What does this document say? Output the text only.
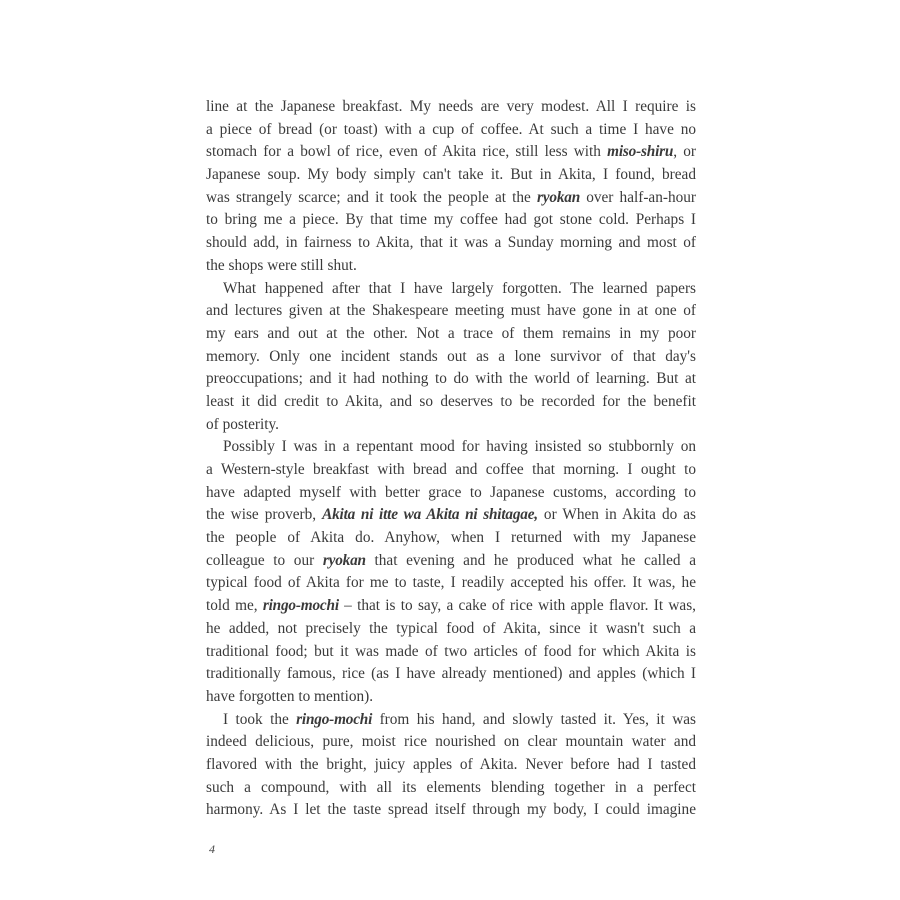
line at the Japanese breakfast. My needs are very modest. All I require is
a piece of bread (or toast) with a cup of coffee. At such a time I have no
stomach for a bowl of rice, even of Akita rice, still less with miso-shiru, or
Japanese soup. My body simply can't take it. But in Akita, I found, bread
was strangely scarce; and it took the people at the ryokan over half-an-hour
to bring me a piece. By that time my coffee had got stone cold. Perhaps I
should add, in fairness to Akita, that it was a Sunday morning and most of
the shops were still shut.
What happened after that I have largely forgotten. The learned papers
and lectures given at the Shakespeare meeting must have gone in at one of
my ears and out at the other. Not a trace of them remains in my poor
memory. Only one incident stands out as a lone survivor of that day's
preoccupations; and it had nothing to do with the world of learning. But at
least it did credit to Akita, and so deserves to be recorded for the benefit
of posterity.
Possibly I was in a repentant mood for having insisted so stubbornly on
a Western-style breakfast with bread and coffee that morning. I ought to
have adapted myself with better grace to Japanese customs, according to
the wise proverb, Akita ni itte wa Akita ni shitagae, or When in Akita do as
the people of Akita do. Anyhow, when I returned with my Japanese
colleague to our ryokan that evening and he produced what he called a
typical food of Akita for me to taste, I readily accepted his offer. It was, he
told me, ringo-mochi – that is to say, a cake of rice with apple flavor. It was,
he added, not precisely the typical food of Akita, since it wasn't such a
traditional food; but it was made of two articles of food for which Akita is
traditionally famous, rice (as I have already mentioned) and apples (which I
have forgotten to mention).
I took the ringo-mochi from his hand, and slowly tasted it. Yes, it was
indeed delicious, pure, moist rice nourished on clear mountain water and
flavored with the bright, juicy apples of Akita. Never before had I tasted
such a compound, with all its elements blending together in a perfect
harmony. As I let the taste spread itself through my body, I could imagine
4
